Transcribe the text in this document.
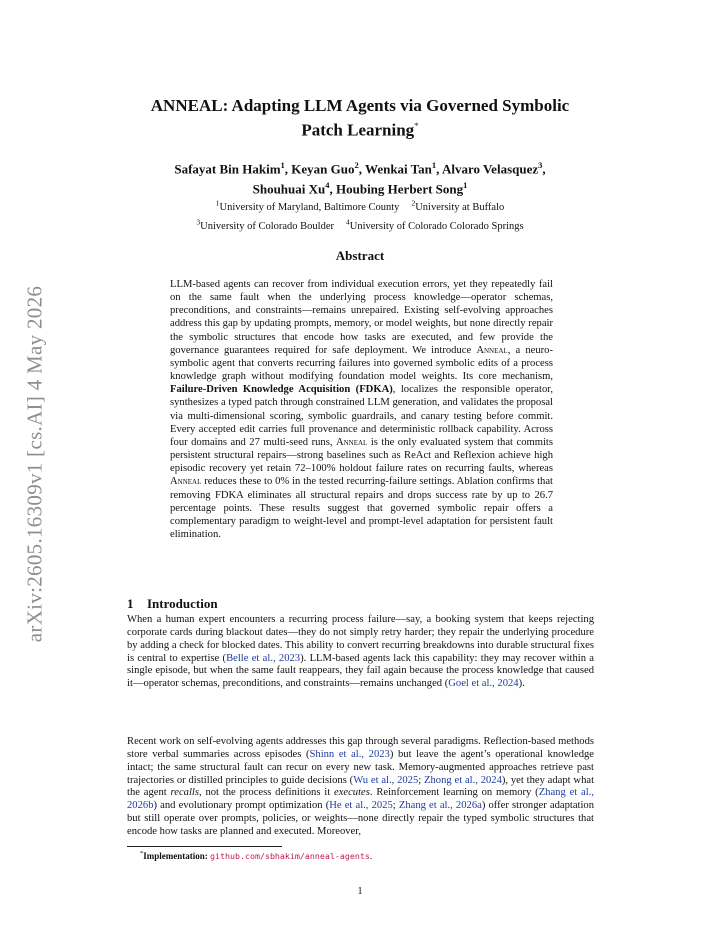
arXiv:2605.16309v1 [cs.AI] 4 May 2026
ANNEAL: Adapting LLM Agents via Governed Symbolic
Patch Learning*
Safayat Bin Hakim$^1$, Keyan Guo$^2$, Wenkai Tan$^1$, Alvaro Velasquez$^3$,
Shouhuai Xu$^4$, Houbing Herbert Song$^1$
$^1$University of Maryland, Baltimore County $^2$University at Buffalo
$^3$University of Colorado Boulder $^4$University of Colorado Colorado Springs
Abstract
LLM-based agents can recover from individual execution errors, yet they repeatedly fail on the same fault when the underlying process knowledge—operator schemas, preconditions, and constraints—remains unrepaired. Existing self-evolving approaches address this gap by updating prompts, memory, or model weights, but none directly repair the symbolic structures that encode how tasks are executed, and few provide the governance guarantees required for safe deployment. We introduce Anneal, a neuro-symbolic agent that converts recurring failures into governed symbolic edits of a process knowledge graph without modifying foundation model weights. Its core mechanism, Failure-Driven Knowledge Acquisition (FDKA), localizes the responsible operator, synthesizes a typed patch through constrained LLM generation, and validates the proposal via multi-dimensional scoring, symbolic guardrails, and canary testing before commit. Every accepted edit carries full provenance and deterministic rollback capability. Across four domains and 27 multi-seed runs, Anneal is the only evaluated system that commits persistent structural repairs—strong baselines such as ReAct and Reflexion achieve high episodic recovery yet retain 72–100% holdout failure rates on recurring faults, whereas Anneal reduces these to 0% in the tested recurring-failure settings. Ablation confirms that removing FDKA eliminates all structural repairs and drops success rate by up to 26.7 percentage points. These results suggest that governed symbolic repair offers a complementary paradigm to weight-level and prompt-level adaptation for persistent fault elimination.
1 Introduction
When a human expert encounters a recurring process failure—say, a booking system that keeps rejecting corporate cards during blackout dates—they do not simply retry harder; they repair the underlying procedure by adding a check for blocked dates. This ability to convert recurring breakdowns into durable structural fixes is central to expertise (Belle et al., 2023). LLM-based agents lack this capability: they may recover within a single episode, but when the same fault reappears, they fail again because the process knowledge that caused it—operator schemas, preconditions, and constraints—remains unchanged (Goel et al., 2024).
Recent work on self-evolving agents addresses this gap through several paradigms. Reflection-based methods store verbal summaries across episodes (Shinn et al., 2023) but leave the agent’s operational knowledge intact; the same structural fault can recur on every new task. Memory-augmented approaches retrieve past trajectories or distilled principles to guide decisions (Wu et al., 2025; Zhong et al., 2024), yet they adapt what the agent recalls, not the process definitions it executes. Reinforcement learning on memory (Zhang et al., 2026b) and evolutionary prompt optimization (He et al., 2025; Zhang et al., 2026a) offer stronger adaptation but still operate over prompts, policies, or weights—none directly repair the typed symbolic structures that encode how tasks are planned and executed. Moreover,
*Implementation: github.com/sbhakim/anneal-agents.
1
